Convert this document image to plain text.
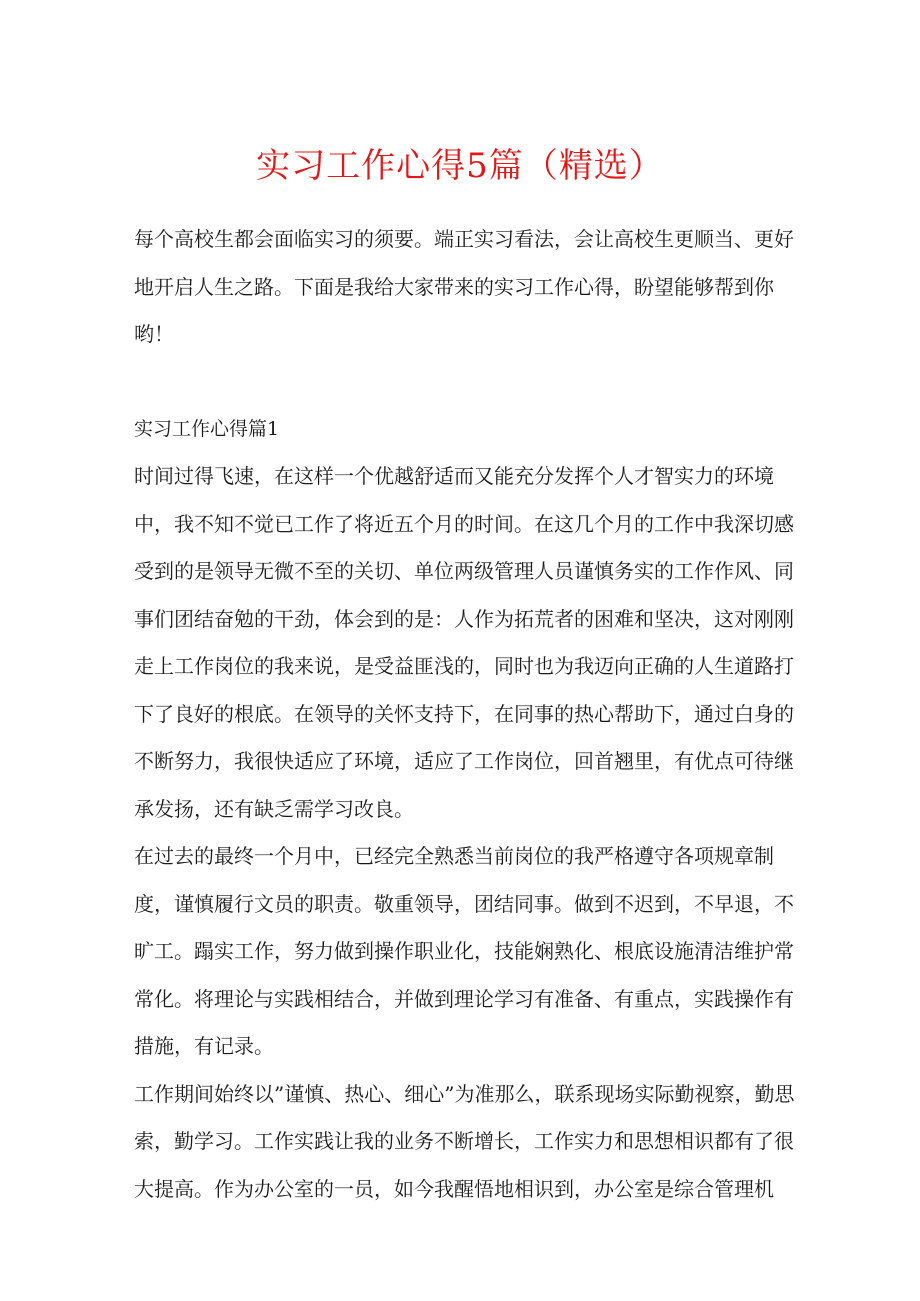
实习工作心得5篇（精选）

每个高校生都会面临实习的须要。端正实习看法，会让高校生更顺当、更好地开启人生之路。下面是我给大家带来的实习工作心得，盼望能够帮到你哟！

实习工作心得篇1

时间过得飞速，在这样一个优越舒适而又能充分发挥个人才智实力的环境中，我不知不觉已工作了将近五个月的时间。在这几个月的工作中我深切感受到的是领导无微不至的关切、单位两级管理人员谨慎务实的工作作风、同事们团结奋勉的干劲，体会到的是：人作为拓荒者的困难和坚决，这对刚刚走上工作岗位的我来说，是受益匪浅的，同时也为我迈向正确的人生道路打下了良好的根底。在领导的关怀支持下，在同事的热心帮助下，通过白身的不断努力，我很快适应了环境，适应了工作岗位，回首翘里，有优点可待继承发扬，还有缺乏需学习改良。

在过去的最终一个月中，已经完全熟悉当前岗位的我严格遵守各项规章制度，谨慎履行文员的职责。敬重领导，团结同事。做到不迟到，不早退，不旷工。蹋实工作，努力做到操作职业化，技能娴熟化、根底设施清洁维护常常化。将理论与实践相结合，并做到理论学习有准备、有重点，实践操作有措施，有记录。

工作期间始终以”谨慎、热心、细心”为准那么，联系现场实际勤视察，勤思索，勤学习。工作实践让我的业务不断增长，工作实力和思想相识都有了很大提高。作为办公室的一员，如今我醒悟地相识到，办公室是综合管理机
